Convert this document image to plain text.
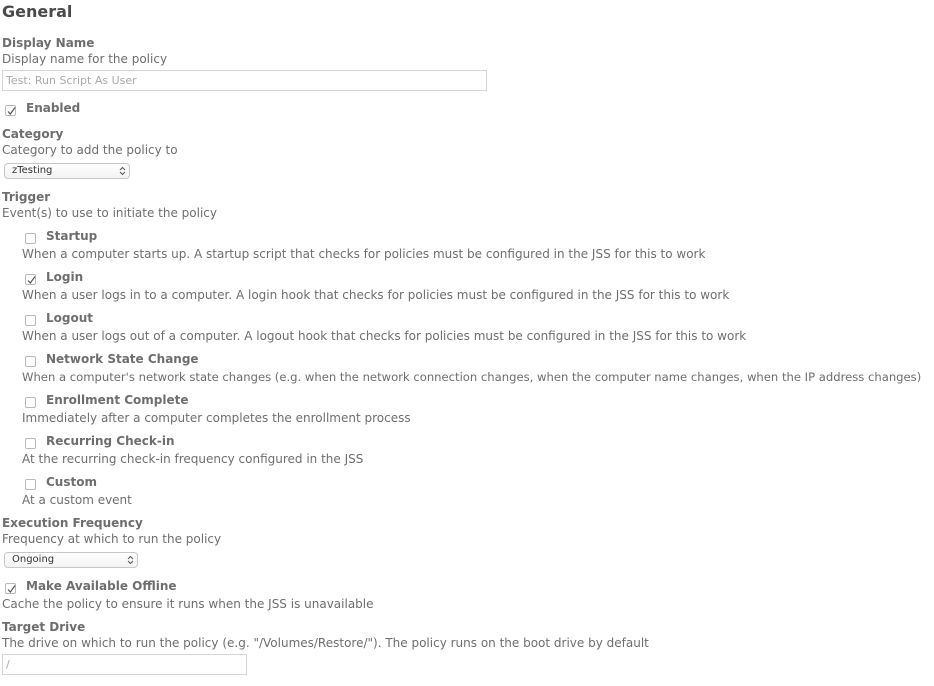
General
Display Name
Display name for the policy
Test: Run Script As User
Enabled
Category
Category to add the policy to
zTesting
Trigger
Event(s) to use to initiate the policy
Startup
When a computer starts up. A startup script that checks for policies must be configured in the JSS for this to work
Login
When a user logs in to a computer. A login hook that checks for policies must be configured in the JSS for this to work
Logout
When a user logs out of a computer. A logout hook that checks for policies must be configured in the JSS for this to work
Network State Change
When a computer's network state changes (e.g. when the network connection changes, when the computer name changes, when the IP address changes)
Enrollment Complete
Immediately after a computer completes the enrollment process
Recurring Check-in
At the recurring check-in frequency configured in the JSS
Custom
At a custom event
Execution Frequency
Frequency at which to run the policy
Ongoing
Make Available Offline
Cache the policy to ensure it runs when the JSS is unavailable
Target Drive
The drive on which to run the policy (e.g. "/Volumes/Restore/"). The policy runs on the boot drive by default
/
